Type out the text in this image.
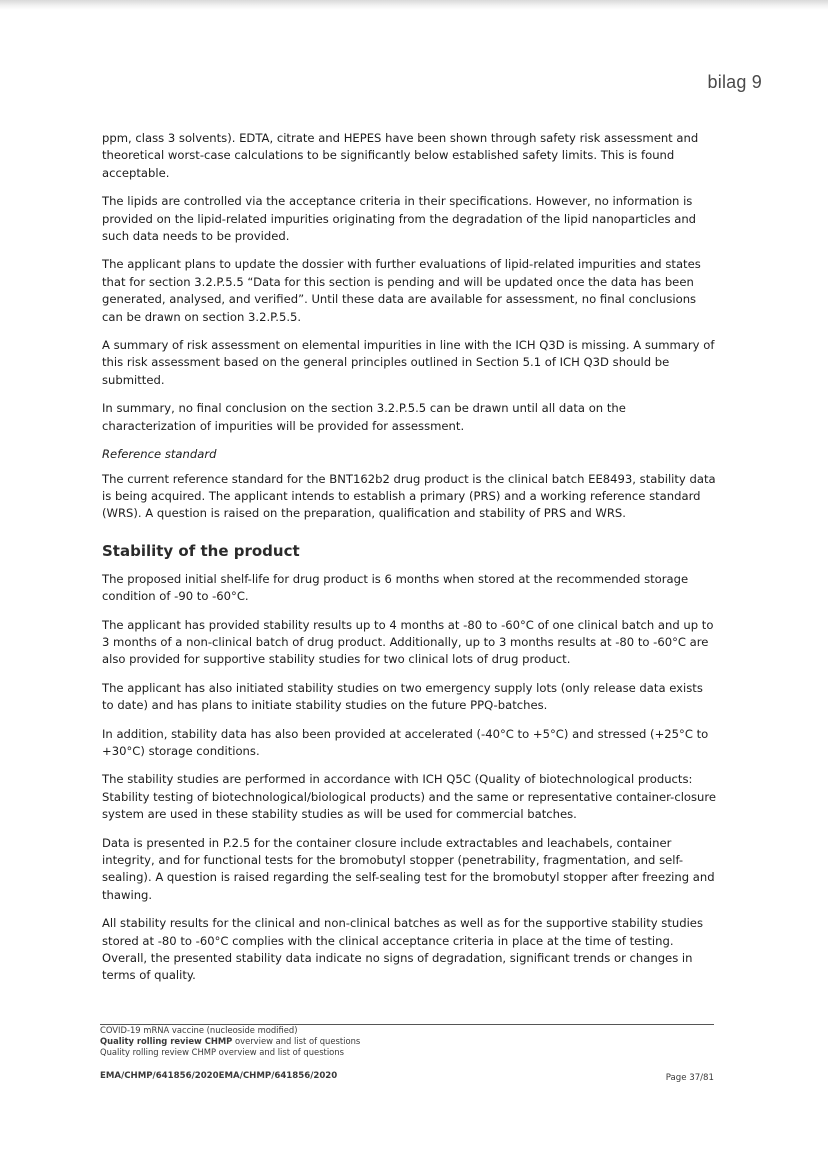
bilag 9

ppm, class 3 solvents). EDTA, citrate and HEPES have been shown through safety risk assessment and theoretical worst-case calculations to be significantly below established safety limits. This is found acceptable.

The lipids are controlled via the acceptance criteria in their specifications. However, no information is provided on the lipid-related impurities originating from the degradation of the lipid nanoparticles and such data needs to be provided.

The applicant plans to update the dossier with further evaluations of lipid-related impurities and states that for section 3.2.P.5.5 “Data for this section is pending and will be updated once the data has been generated, analysed, and verified”. Until these data are available for assessment, no final conclusions can be drawn on section 3.2.P.5.5.

A summary of risk assessment on elemental impurities in line with the ICH Q3D is missing. A summary of this risk assessment based on the general principles outlined in Section 5.1 of ICH Q3D should be submitted.

In summary, no final conclusion on the section 3.2.P.5.5 can be drawn until all data on the characterization of impurities will be provided for assessment.

Reference standard

The current reference standard for the BNT162b2 drug product is the clinical batch EE8493, stability data is being acquired. The applicant intends to establish a primary (PRS) and a working reference standard (WRS). A question is raised on the preparation, qualification and stability of PRS and WRS.

Stability of the product

The proposed initial shelf-life for drug product is 6 months when stored at the recommended storage condition of -90 to -60°C.

The applicant has provided stability results up to 4 months at -80 to -60°C of one clinical batch and up to 3 months of a non-clinical batch of drug product. Additionally, up to 3 months results at -80 to -60°C are also provided for supportive stability studies for two clinical lots of drug product.

The applicant has also initiated stability studies on two emergency supply lots (only release data exists to date) and has plans to initiate stability studies on the future PPQ-batches.

In addition, stability data has also been provided at accelerated (-40°C to +5°C) and stressed (+25°C to +30°C) storage conditions.

The stability studies are performed in accordance with ICH Q5C (Quality of biotechnological products: Stability testing of biotechnological/biological products) and the same or representative container-closure system are used in these stability studies as will be used for commercial batches.

Data is presented in P.2.5 for the container closure include extractables and leachabels, container integrity, and for functional tests for the bromobutyl stopper (penetrability, fragmentation, and self-sealing). A question is raised regarding the self-sealing test for the bromobutyl stopper after freezing and thawing.

All stability results for the clinical and non-clinical batches as well as for the supportive stability studies stored at -80 to -60°C complies with the clinical acceptance criteria in place at the time of testing. Overall, the presented stability data indicate no signs of degradation, significant trends or changes in terms of quality.

COVID-19 mRNA vaccine (nucleoside modified)
Quality rolling review CHMP overview and list of questions
Quality rolling review CHMP overview and list of questions
EMA/CHMP/641856/2020EMA/CHMP/641856/2020	Page 37/81
